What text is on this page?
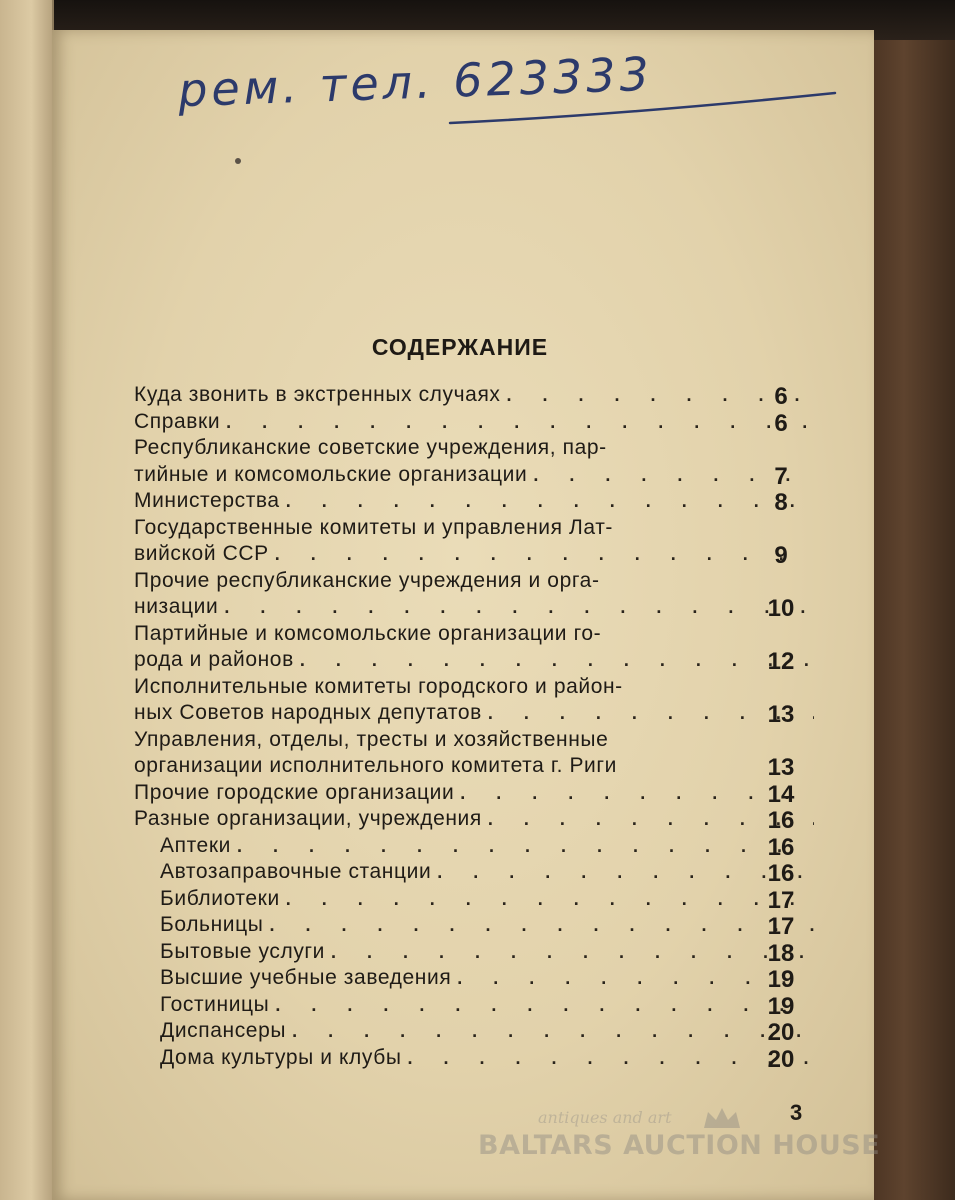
рем. тел. 623333
СОДЕРЖАНИЕ
Куда звонить в экстренных случаях . . .	6
Справки . . .	6
Республиканские советские учреждения, пар-
тийные и комсомольские организации . . .	7
Министерства . . .	8
Государственные комитеты и управления Лат-
вийской ССР . . .	9
Прочие республиканские учреждения и орга-
низации . . .	10
Партийные и комсомольские организации го-
рода и районов . . .	12
Исполнительные комитеты городского и район-
ных Советов народных депутатов . . .	13
Управления, отделы, тресты и хозяйственные
организации исполнительного комитета г. Риги	13
Прочие городские организации . . .	14
Разные организации, учреждения . . .	16
Аптеки . . .	16
Автозаправочные станции . . .	16
Библиотеки . . .	17
Больницы . . .	17
Бытовые услуги . . .	18
Высшие учебные заведения . . .	19
Гостиницы . . .	19
Диспансеры . . .	20
Дома культуры и клубы . . .	20
3
antiques and art
BALTARS AUCTION HOUSE
